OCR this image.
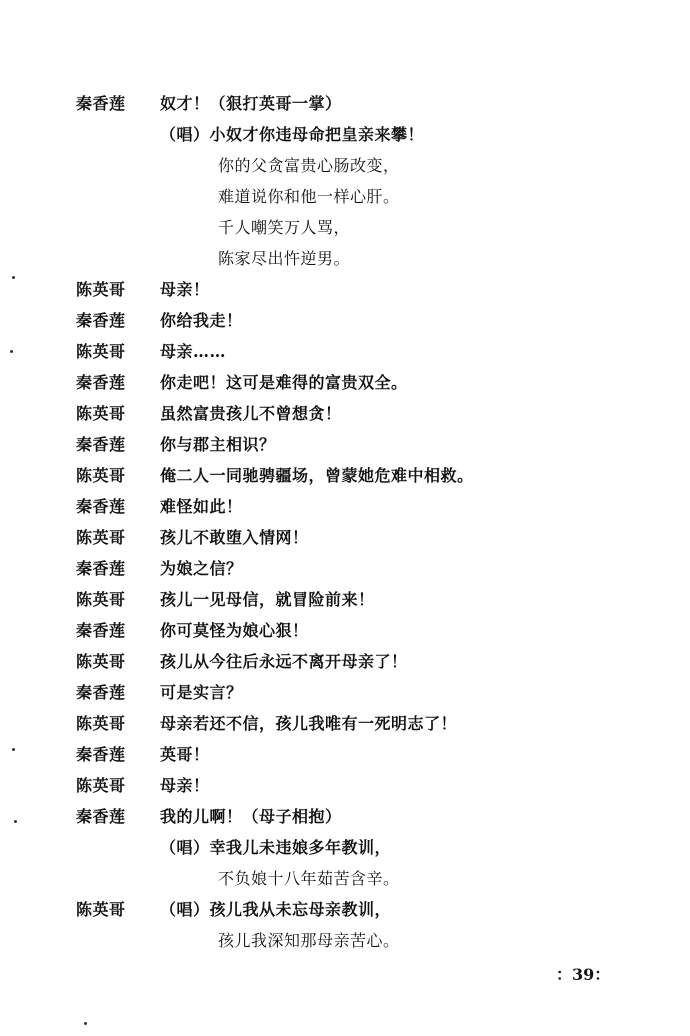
秦香莲 奴才！（狠打英哥一掌）
（唱）小奴才你违母命把皇亲来攀！
你的父贪富贵心肠改变，
难道说你和他一样心肝。
千人嘲笑万人骂，
陈家尽出忤逆男。
陈英哥 母亲！
秦香莲 你给我走！
陈英哥 母亲……
秦香莲 你走吧！这可是难得的富贵双全。
陈英哥 虽然富贵孩儿不曾想贪！
秦香莲 你与郡主相识？
陈英哥 俺二人一同驰骋疆场，曾蒙她危难中相救。
秦香莲 难怪如此！
陈英哥 孩儿不敢堕入情网！
秦香莲 为娘之信？
陈英哥 孩儿一见母信，就冒险前来！
秦香莲 你可莫怪为娘心狠！
陈英哥 孩儿从今往后永远不离开母亲了！
秦香莲 可是实言？
陈英哥 母亲若还不信，孩儿我唯有一死明志了！
秦香莲 英哥！
陈英哥 母亲！
秦香莲 我的儿啊！（母子相抱）
（唱）幸我儿未违娘多年教训，
不负娘十八年茹苦含辛。
陈英哥 （唱）孩儿我从未忘母亲教训，
孩儿我深知那母亲苦心。
：39：
